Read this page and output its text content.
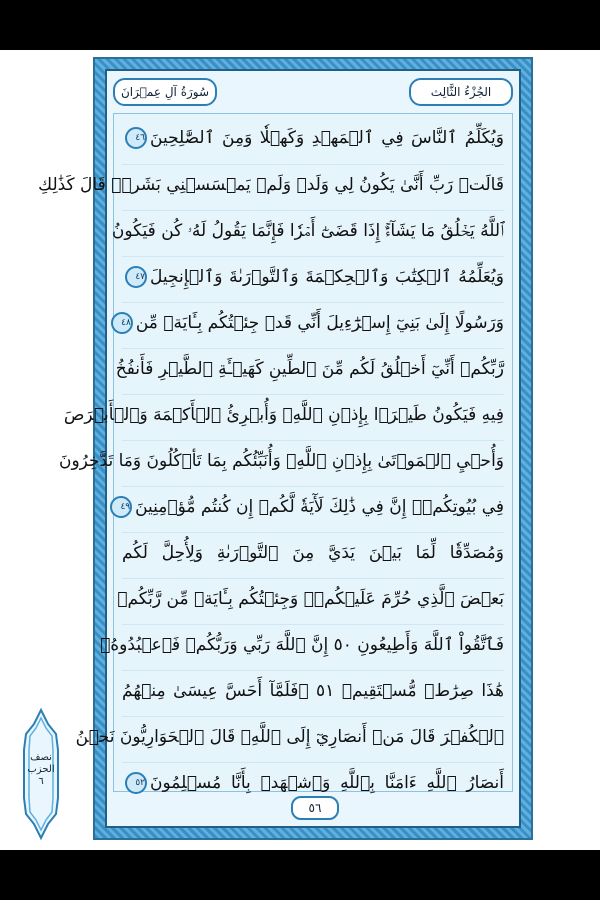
سُورَةُ آلِ عِمۡرَانَ	الجُزْءُ الثَّالِث
وَيُكَلِّمُ ٱلنَّاسَ فِي ٱلۡمَهۡدِ وَكَهۡلٗا وَمِنَ ٱلصَّٰلِحِينَ٤٦
قَالَتۡ رَبِّ أَنَّىٰ يَكُونُ لِي وَلَدٞ وَلَمۡ يَمۡسَسۡنِي بَشَرٞۖ قَالَ كَذَٰلِكِ
ٱللَّهُ يَخۡلُقُ مَا يَشَآءُۚ إِذَا قَضَىٰٓ أَمۡرٗا فَإِنَّمَا يَقُولُ لَهُۥ كُن فَيَكُونُ
وَيُعَلِّمُهُ ٱلۡكِتَٰبَ وَٱلۡحِكۡمَةَ وَٱلتَّوۡرَىٰةَ وَٱلۡإِنجِيلَ٤٧
وَرَسُولًا إِلَىٰ بَنِيٓ إِسۡرَٰٓءِيلَ أَنِّي قَدۡ جِئۡتُكُم بِـَٔايَةٖ مِّن٤٨
رَّبِّكُمۡ أَنِّيٓ أَخۡلُقُ لَكُم مِّنَ ٱلطِّينِ كَهَيۡـَٔةِ ٱلطَّيۡرِ فَأَنفُخُ
فِيهِ فَيَكُونُ طَيۡرَۢا بِإِذۡنِ ٱللَّهِۖ وَأُبۡرِئُ ٱلۡأَكۡمَهَ وَٱلۡأَبۡرَصَ
وَأُحۡيِ ٱلۡمَوۡتَىٰ بِإِذۡنِ ٱللَّهِۖ وَأُنَبِّئُكُم بِمَا تَأۡكُلُونَ وَمَا تَدَّخِرُونَ
فِي بُيُوتِكُمۡۚ إِنَّ فِي ذَٰلِكَ لَأٓيَةٗ لَّكُمۡ إِن كُنتُم مُّؤۡمِنِينَ٤٩
وَمُصَدِّقٗا لِّمَا بَيۡنَ يَدَيَّ مِنَ ٱلتَّوۡرَىٰةِ وَلِأُحِلَّ لَكُم
بَعۡضَ ٱلَّذِي حُرِّمَ عَلَيۡكُمۡۚ وَجِئۡتُكُم بِـَٔايَةٖ مِّن رَّبِّكُمۡ
فَٱتَّقُواْ ٱللَّهَ وَأَطِيعُونِ ٥٠ إِنَّ ٱللَّهَ رَبِّي وَرَبُّكُمۡ فَٱعۡبُدُوهُۚ
هَٰذَا صِرَٰطٞ مُّسۡتَقِيمٞ ٥١ ۞فَلَمَّآ أَحَسَّ عِيسَىٰ مِنۡهُمُ
ٱلۡكُفۡرَ قَالَ مَنۡ أَنصَارِيٓ إِلَى ٱللَّهِۖ قَالَ ٱلۡحَوَارِيُّونَ نَحۡنُ
أَنصَارُ ٱللَّهِ ءَامَنَّا بِٱللَّهِ وَٱشۡهَدۡ بِأَنَّا مُسۡلِمُونَ٥٢
٥٦
نصف
الحزب
٦
